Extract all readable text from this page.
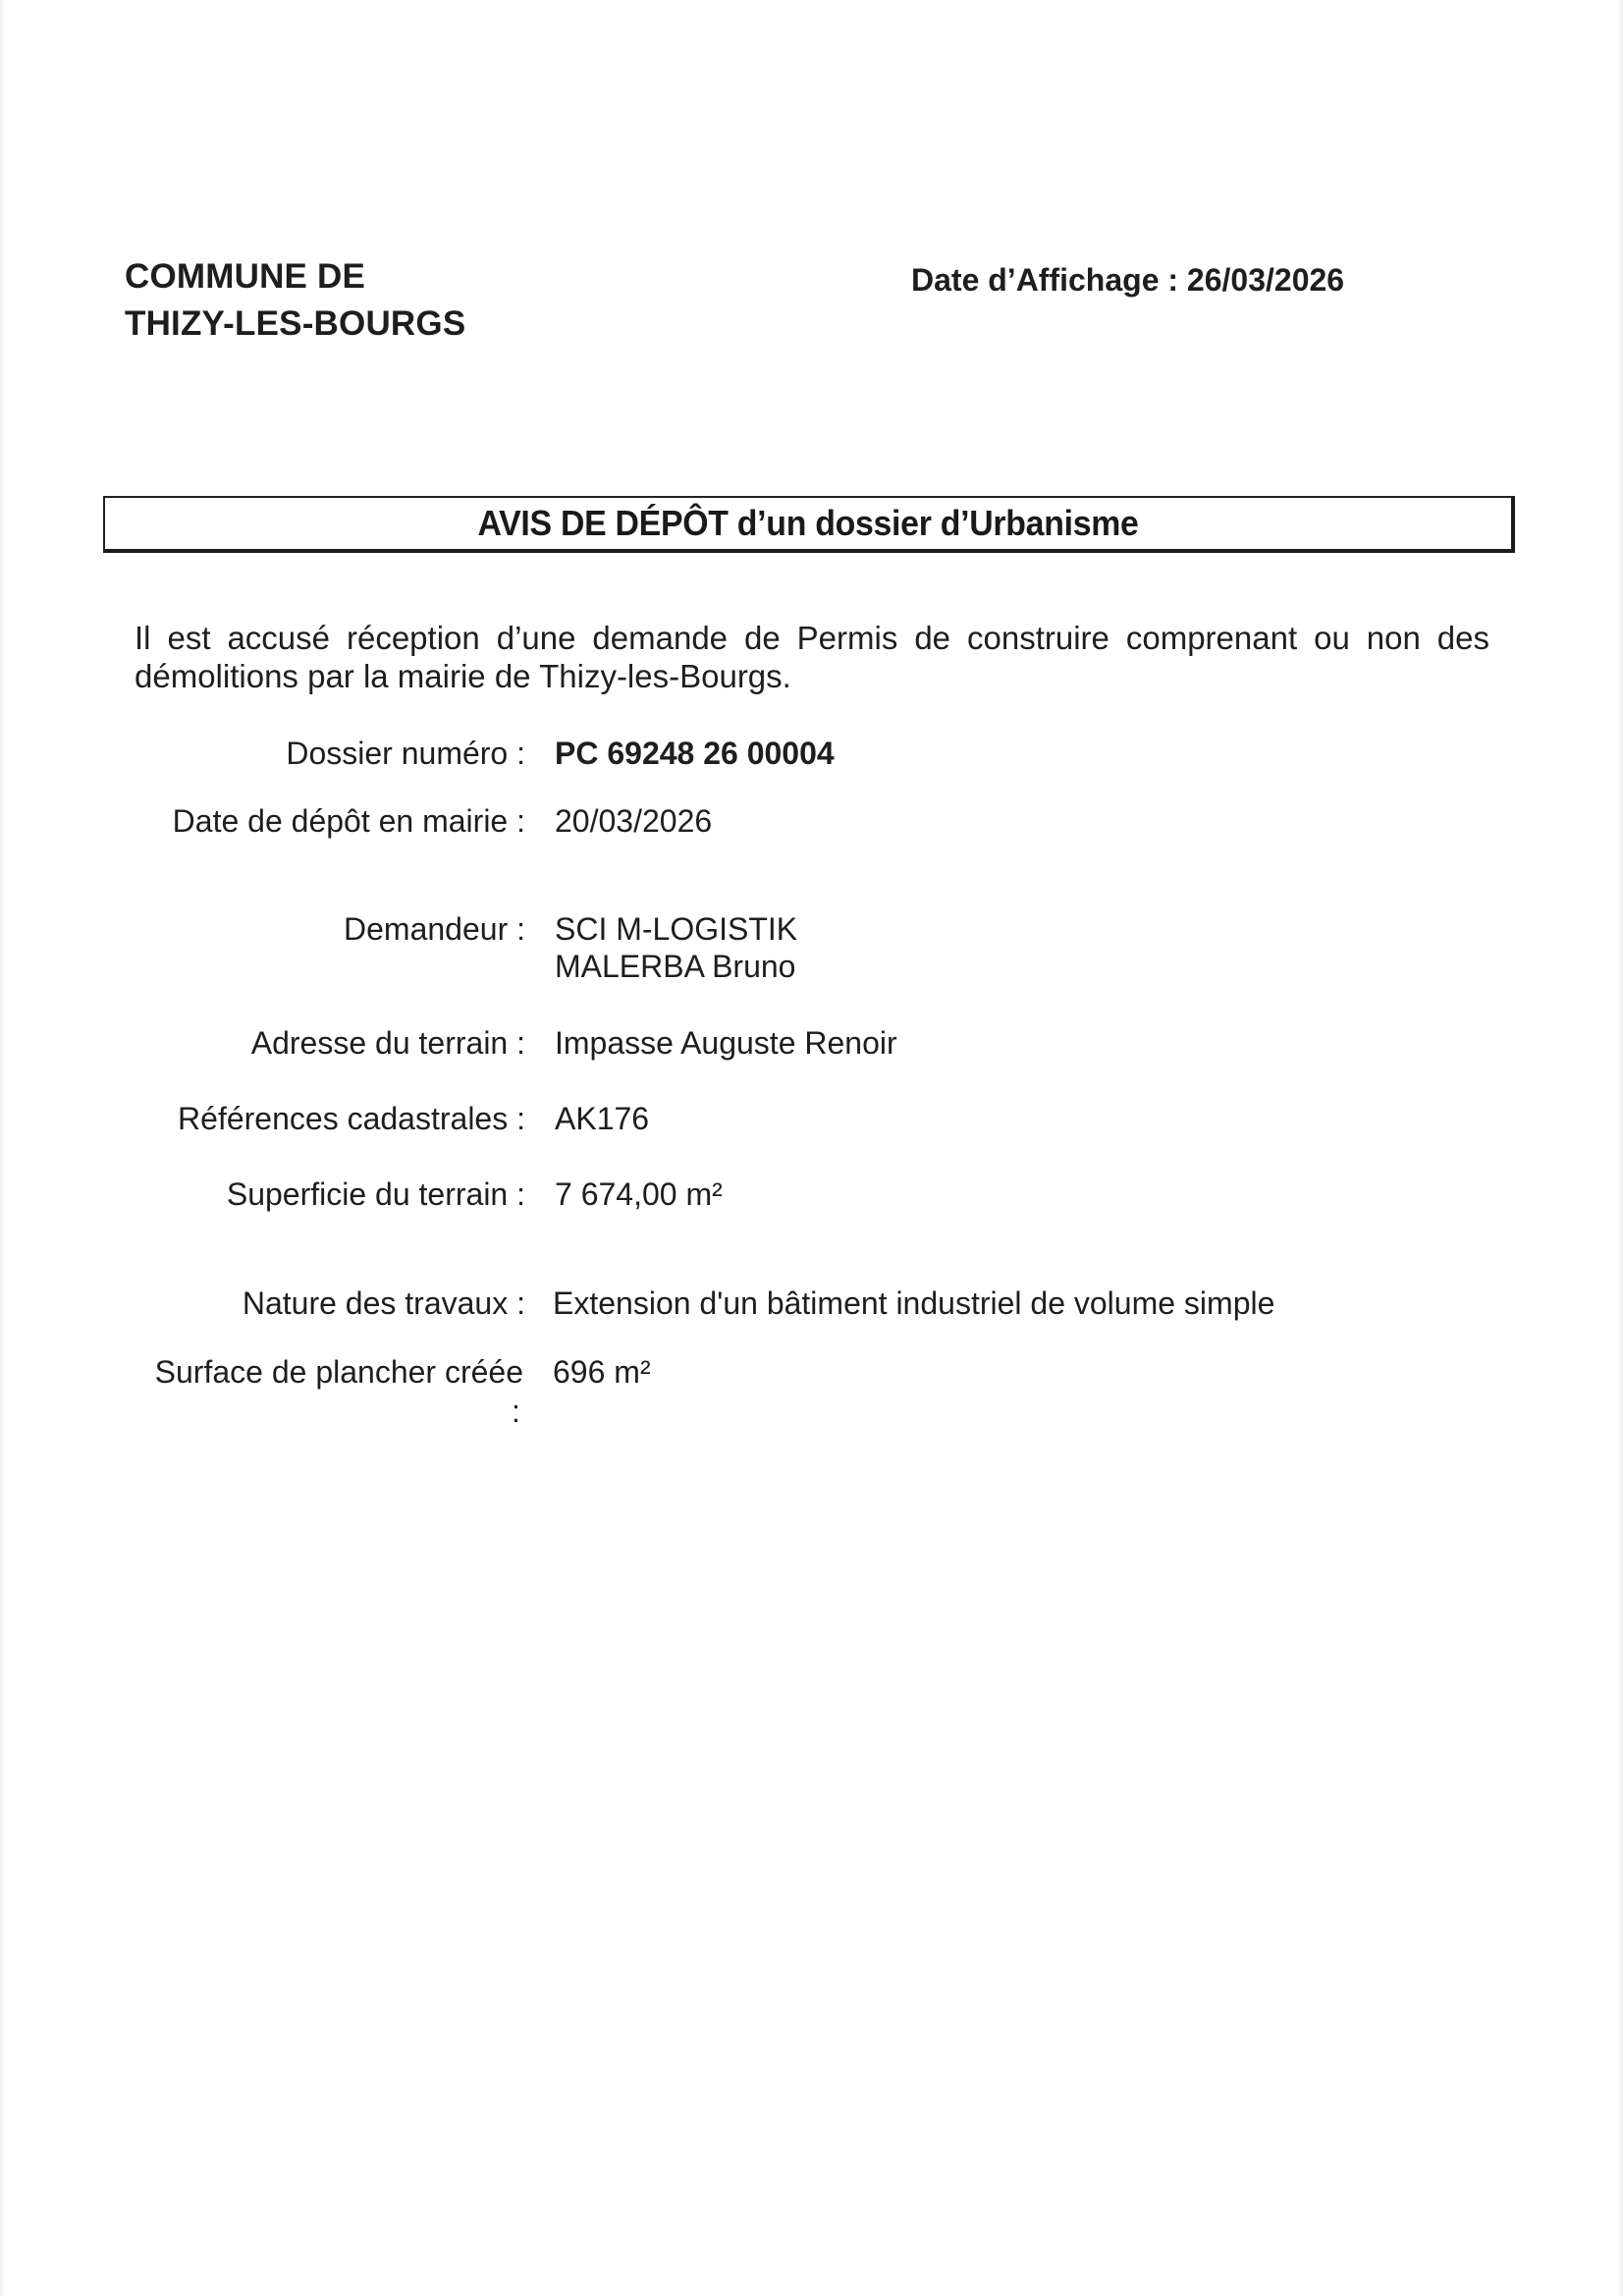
COMMUNE DE
THIZY-LES-BOURGS
Date d’Affichage : 26/03/2026
AVIS DE DÉPÔT d’un dossier d’Urbanisme
Il est accusé réception d’une demande de Permis de construire comprenant ou non des
démolitions par la mairie de Thizy-les-Bourgs.
Dossier numéro : PC 69248 26 00004
Date de dépôt en mairie : 20/03/2026
Demandeur : SCI M-LOGISTIK
MALERBA Bruno
Adresse du terrain : Impasse Auguste Renoir
Références cadastrales : AK176
Superficie du terrain : 7 674,00 m²
Nature des travaux : Extension d'un bâtiment industriel de volume simple
Surface de plancher créée 696 m²
:
